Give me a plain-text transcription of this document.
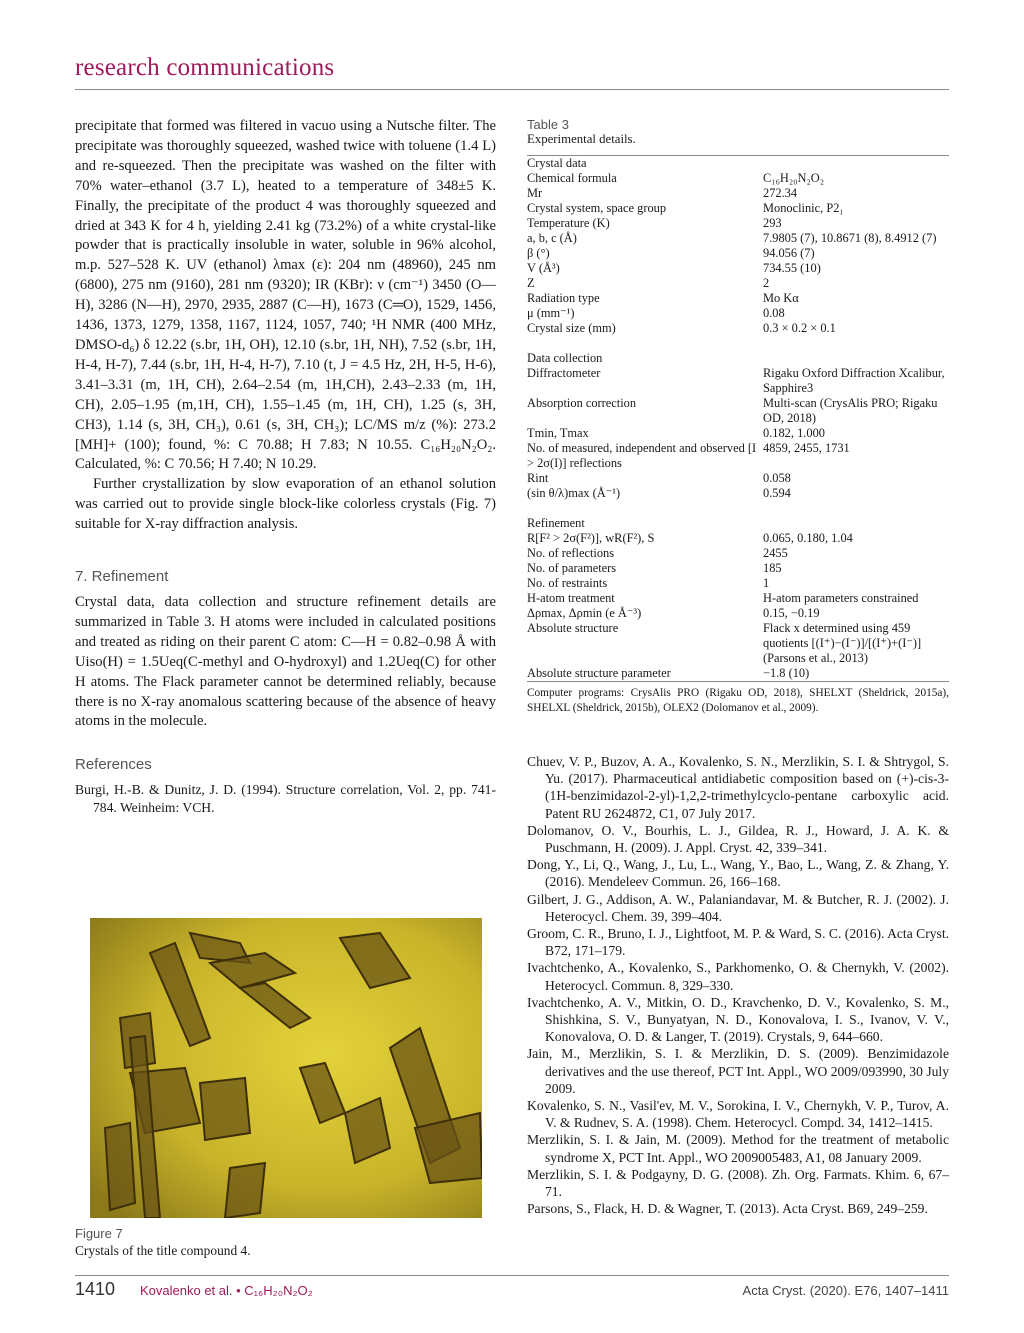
research communications

precipitate that formed was filtered in vacuo using a Nutsche filter. The precipitate was thoroughly squeezed, washed twice with toluene (1.4 L) and re-squeezed. Then the precipitate was washed on the filter with 70% water–ethanol (3.7 L), heated to a temperature of 348±5 K. Finally, the precipitate of the product 4 was thoroughly squeezed and dried at 343 K for 4 h, yielding 2.41 kg (73.2%) of a white crystal-like powder that is practically insoluble in water, soluble in 96% alcohol, m.p. 527–528 K. UV (ethanol) λmax (ε): 204 nm (48960), 245 nm (6800), 275 nm (9160), 281 nm (9320); IR (KBr): ν (cm⁻¹) 3450 (O—H), 3286 (N—H), 2970, 2935, 2887 (C—H), 1673 (C═O), 1529, 1456, 1436, 1373, 1279, 1358, 1167, 1124, 1057, 740; ¹H NMR (400 MHz, DMSO-d₆) δ 12.22 (s.br, 1H, OH), 12.10 (s.br, 1H, NH), 7.52 (s.br, 1H, H-4, H-7), 7.44 (s.br, 1H, H-4, H-7), 7.10 (t, J = 4.5 Hz, 2H, H-5, H-6), 3.41–3.31 (m, 1H, CH), 2.64–2.54 (m, 1H,CH), 2.43–2.33 (m, 1H, CH), 2.05–1.95 (m,1H, CH), 1.55–1.45 (m, 1H, CH), 1.25 (s, 3H, CH3), 1.14 (s, 3H, CH₃), 0.61 (s, 3H, CH₃); LC/MS m/z (%): 273.2 [MH]+ (100); found, %: C 70.88; H 7.83; N 10.55. C₁₆H₂₀N₂O₂. Calculated, %: C 70.56; H 7.40; N 10.29.

Further crystallization by slow evaporation of an ethanol solution was carried out to provide single block-like colorless crystals (Fig. 7) suitable for X-ray diffraction analysis.

7. Refinement

Crystal data, data collection and structure refinement details are summarized in Table 3. H atoms were included in calculated positions and treated as riding on their parent C atom: C—H = 0.82–0.98 Å with Uiso(H) = 1.5Ueq(C-methyl and O-hydroxyl) and 1.2Ueq(C) for other H atoms. The Flack parameter cannot be determined reliably, because there is no X-ray anomalous scattering because of the absence of heavy atoms in the molecule.

References

Burgi, H.-B. & Dunitz, J. D. (1994). Structure correlation, Vol. 2, pp. 741-784. Weinheim: VCH.

Figure 7
Crystals of the title compound 4.

Table 3

Experimental details.

Crystal data	
Chemical formula	C₁₆H₂₀N₂O₂
Mr	272.34
Crystal system, space group	Monoclinic, P2₁
Temperature (K)	293
a, b, c (Å)	7.9805 (7), 10.8671 (8), 8.4912 (7)
β (°)	94.056 (7)
V (Å³)	734.55 (10)
Z	2
Radiation type	Mo Kα
μ (mm⁻¹)	0.08
Crystal size (mm)	0.3 × 0.2 × 0.1

Data collection	
Diffractometer	Rigaku Oxford Diffraction Xcalibur, Sapphire3
Absorption correction	Multi-scan (CrysAlis PRO; Rigaku OD, 2018)
Tmin, Tmax	0.182, 1.000
No. of measured, independent and observed [I > 2σ(I)] reflections	4859, 2455, 1731
Rint	0.058
(sin θ/λ)max (Å⁻¹)	0.594

Refinement	
R[F² > 2σ(F²)], wR(F²), S	0.065, 0.180, 1.04
No. of reflections	2455
No. of parameters	185
No. of restraints	1
H-atom treatment	H-atom parameters constrained
Δρmax, Δρmin (e Å⁻³)	0.15, −0.19
Absolute structure	Flack x determined using 459 quotients [(I⁺)−(I⁻)]/[(I⁺)+(I⁻)] (Parsons et al., 2013)
Absolute structure parameter	−1.8 (10)

Computer programs: CrysAlis PRO (Rigaku OD, 2018), SHELXT (Sheldrick, 2015a), SHELXL (Sheldrick, 2015b), OLEX2 (Dolomanov et al., 2009).

Chuev, V. P., Buzov, A. A., Kovalenko, S. N., Merzlikin, S. I. & Shtrygol, S. Yu. (2017). Pharmaceutical antidiabetic composition based on (+)-cis-3-(1H-benzimidazol-2-yl)-1,2,2-trimethylcyclo-pentane carboxylic acid. Patent RU 2624872, C1, 07 July 2017.

Dolomanov, O. V., Bourhis, L. J., Gildea, R. J., Howard, J. A. K. & Puschmann, H. (2009). J. Appl. Cryst. 42, 339–341.

Dong, Y., Li, Q., Wang, J., Lu, L., Wang, Y., Bao, L., Wang, Z. & Zhang, Y. (2016). Mendeleev Commun. 26, 166–168.

Gilbert, J. G., Addison, A. W., Palaniandavar, M. & Butcher, R. J. (2002). J. Heterocycl. Chem. 39, 399–404.

Groom, C. R., Bruno, I. J., Lightfoot, M. P. & Ward, S. C. (2016). Acta Cryst. B72, 171–179.

Ivachtchenko, A., Kovalenko, S., Parkhomenko, O. & Chernykh, V. (2002). Heterocycl. Commun. 8, 329–330.

Ivachtchenko, A. V., Mitkin, O. D., Kravchenko, D. V., Kovalenko, S. M., Shishkina, S. V., Bunyatyan, N. D., Konovalova, I. S., Ivanov, V. V., Konovalova, O. D. & Langer, T. (2019). Crystals, 9, 644–660.

Jain, M., Merzlikin, S. I. & Merzlikin, D. S. (2009). Benzimidazole derivatives and the use thereof, PCT Int. Appl., WO 2009/093990, 30 July 2009.

Kovalenko, S. N., Vasil'ev, M. V., Sorokina, I. V., Chernykh, V. P., Turov, A. V. & Rudnev, S. A. (1998). Chem. Heterocycl. Compd. 34, 1412–1415.

Merzlikin, S. I. & Jain, M. (2009). Method for the treatment of metabolic syndrome X, PCT Int. Appl., WO 2009005483, A1, 08 January 2009.

Merzlikin, S. I. & Podgayny, D. G. (2008). Zh. Org. Farmats. Khim. 6, 67–71.

Parsons, S., Flack, H. D. & Wagner, T. (2013). Acta Cryst. B69, 249–259.

1410 Kovalenko et al. • C₁₆H₂₀N₂O₂	Acta Cryst. (2020). E76, 1407–1411
